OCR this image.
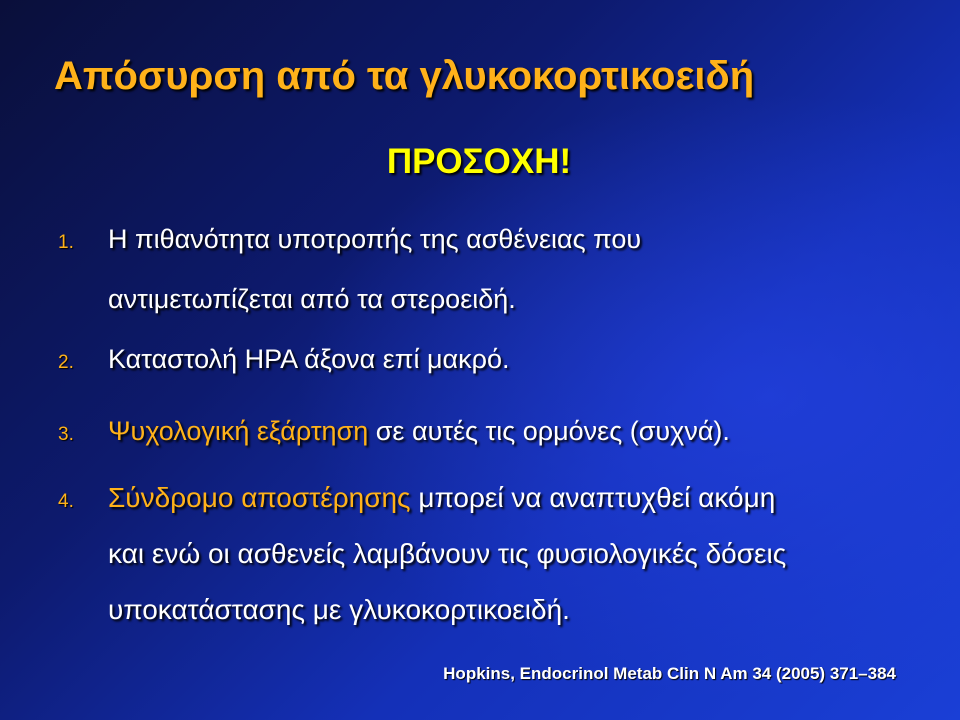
Απόσυρση από τα γλυκοκορτικοειδή
ΠΡΟΣΟΧΗ!
1. Η πιθανότητα υποτροπής της ασθένειας που
αντιμετωπίζεται από τα στεροειδή.
2. Καταστολή HPA άξονα επί μακρό.
3. Ψυχολογική εξάρτηση σε αυτές τις ορμόνες (συχνά).
4. Σύνδρομο αποστέρησης μπορεί να αναπτυχθεί ακόμη
και ενώ οι ασθενείς λαμβάνουν τις φυσιολογικές δόσεις
υποκατάστασης με γλυκοκορτικοειδή.
Hopkins, Endocrinol Metab Clin N Am 34 (2005) 371–384
